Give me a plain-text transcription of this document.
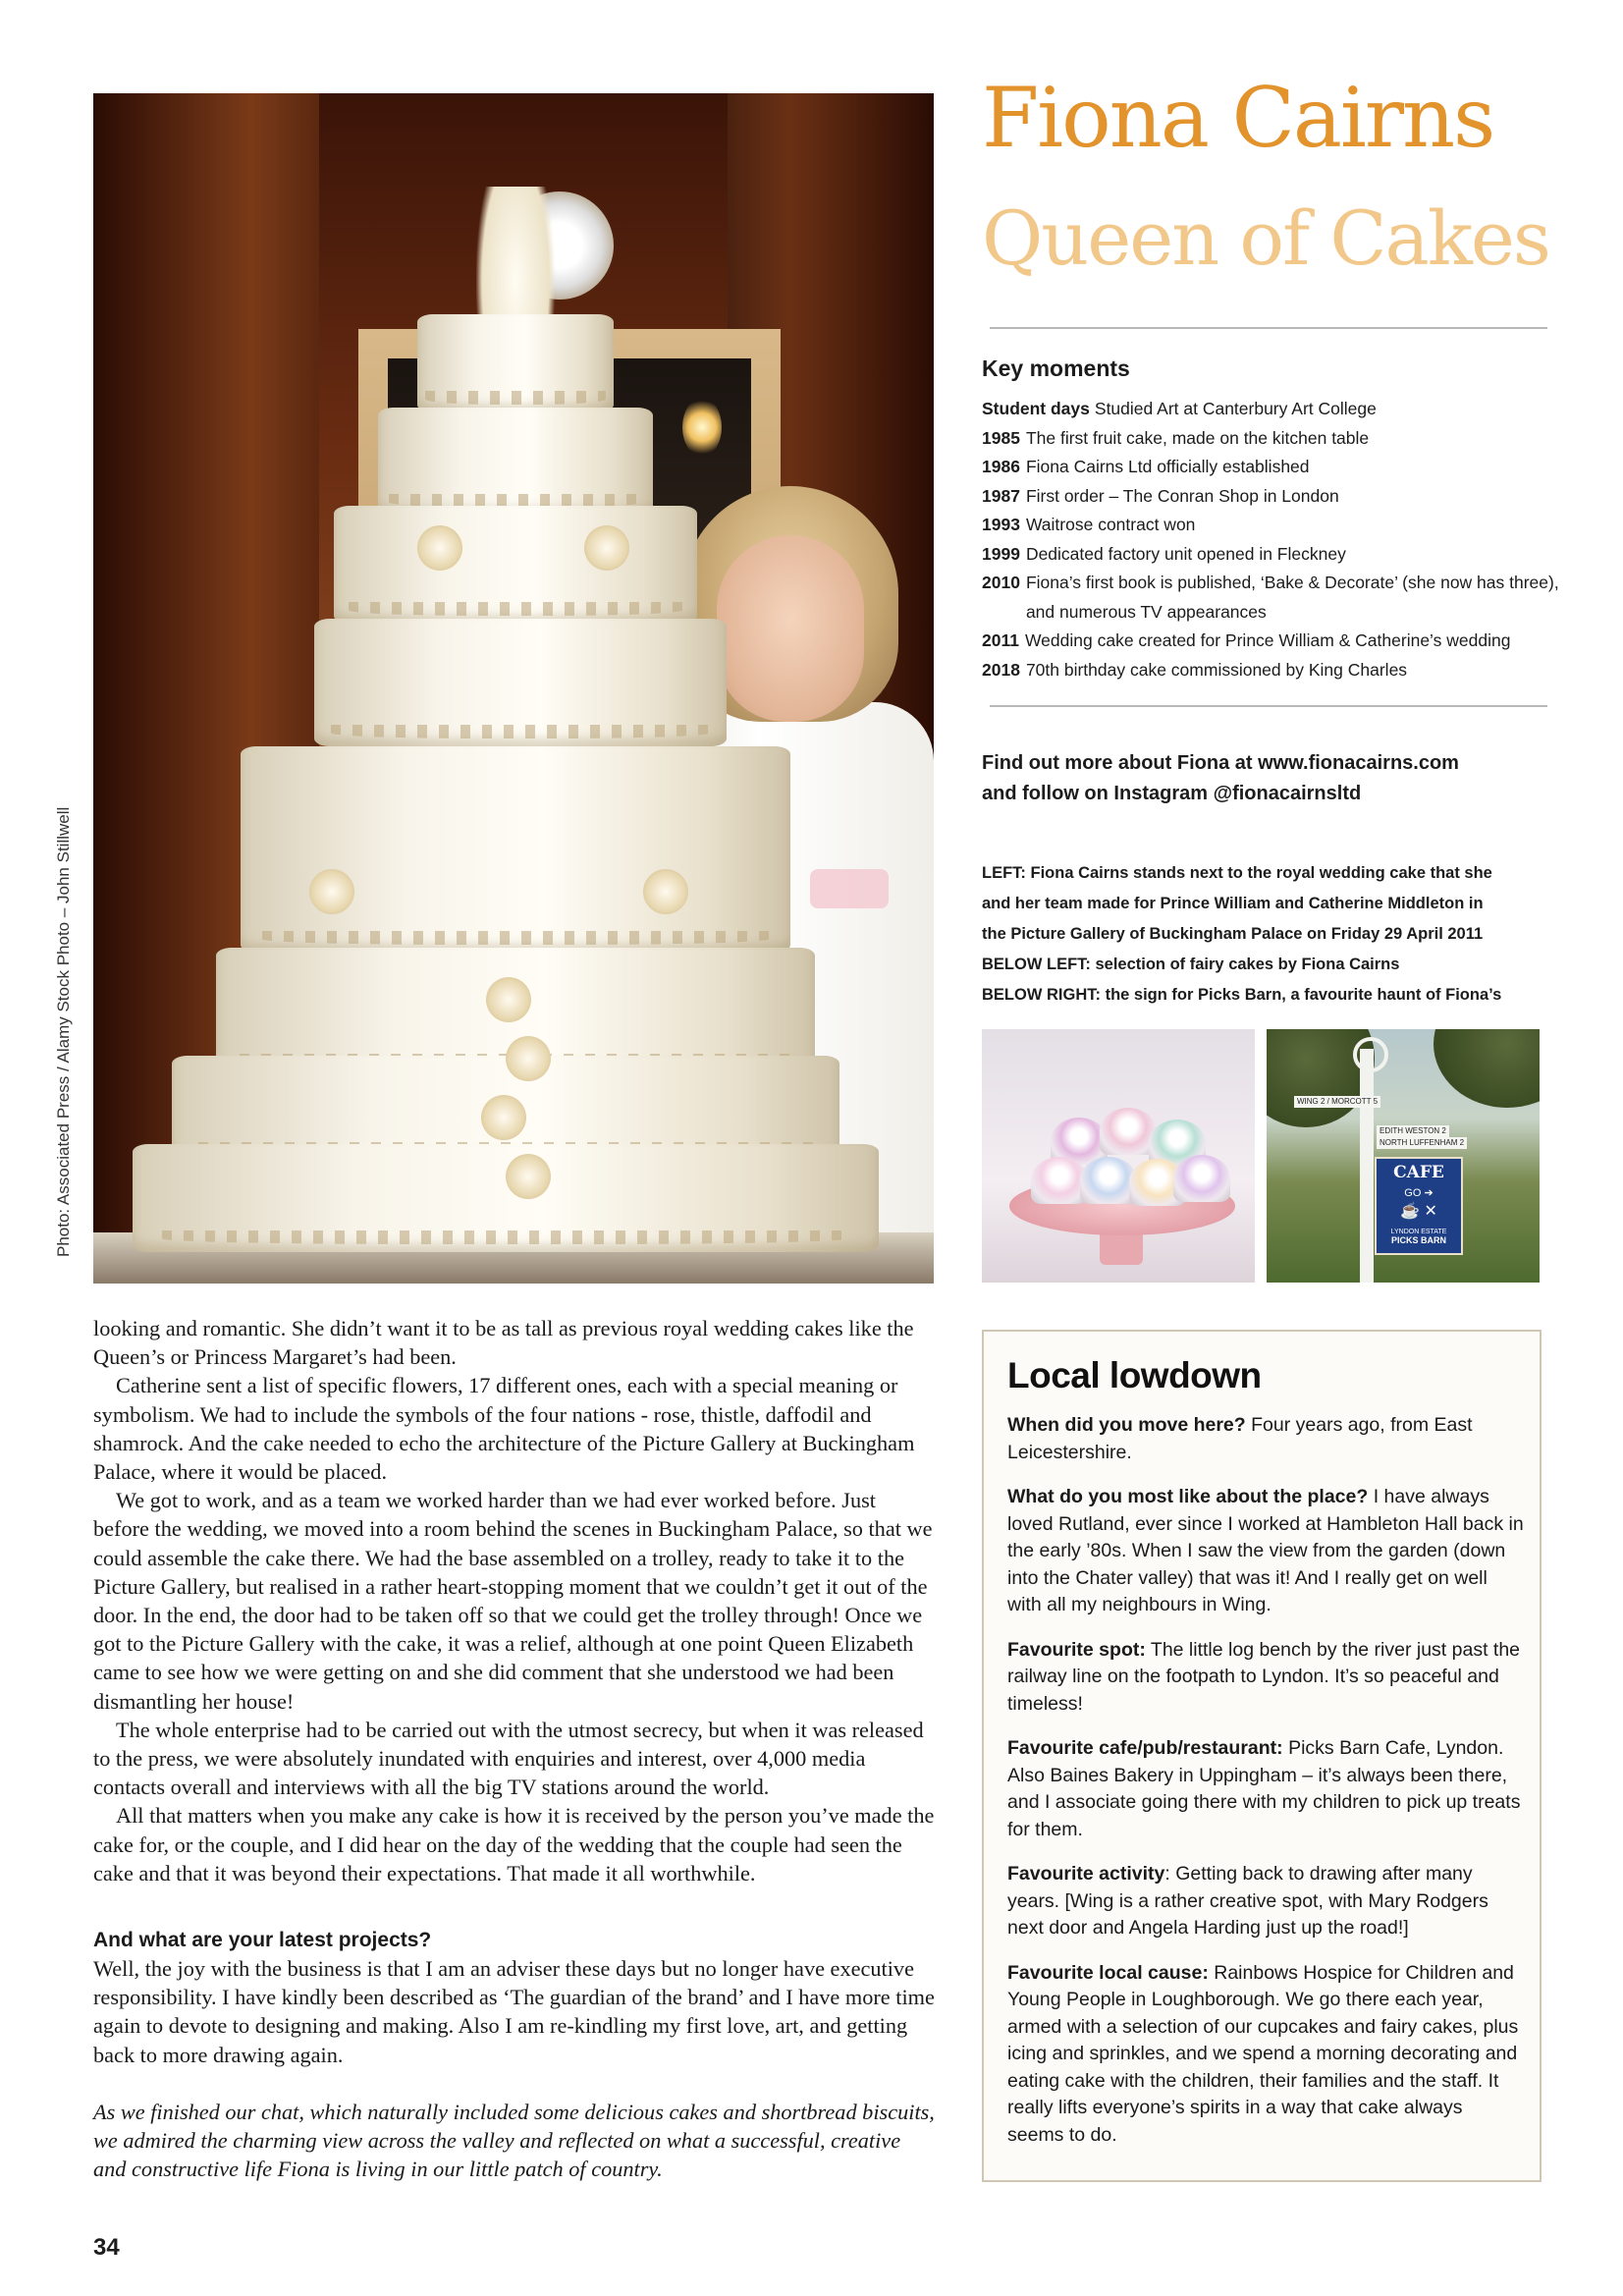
Photo: Associated Press / Alamy Stock Photo – John Stillwell
Fiona Cairns
Queen of Cakes
Key moments
Student days Studied Art at Canterbury Art College
1985 The first fruit cake, made on the kitchen table
1986 Fiona Cairns Ltd officially established
1987 First order – The Conran Shop in London
1993 Waitrose contract won
1999 Dedicated factory unit opened in Fleckney
2010 Fiona’s first book is published, ‘Bake & Decorate’ (she now has three), and numerous TV appearances
2011 Wedding cake created for Prince William & Catherine’s wedding
2018 70th birthday cake commissioned by King Charles
Find out more about Fiona at www.fionacairns.com
and follow on Instagram @fionacairnsltd
LEFT: Fiona Cairns stands next to the royal wedding cake that she
and her team made for Prince William and Catherine Middleton in
the Picture Gallery of Buckingham Palace on Friday 29 April 2011
BELOW LEFT: selection of fairy cakes by Fiona Cairns
BELOW RIGHT: the sign for Picks Barn, a favourite haunt of Fiona’s
WING 2 / MORCOTT 5
EDITH WESTON 2
NORTH LUFFENHAM 2
CAFE
GO ➔
☕ ✕
LYNDON ESTATE
PICKS BARN

looking and romantic. She didn’t want it to be as tall as previous royal wedding cakes like the Queen’s or Princess Margaret’s had been.

Catherine sent a list of specific flowers, 17 different ones, each with a special meaning or symbolism. We had to include the symbols of the four nations - rose, thistle, daffodil and shamrock. And the cake needed to echo the architecture of the Picture Gallery at Buckingham Palace, where it would be placed.

We got to work, and as a team we worked harder than we had ever worked before. Just before the wedding, we moved into a room behind the scenes in Buckingham Palace, so that we could assemble the cake there. We had the base assembled on a trolley, ready to take it to the Picture Gallery, but realised in a rather heart-stopping moment that we couldn’t get it out of the door. In the end, the door had to be taken off so that we could get the trolley through! Once we got to the Picture Gallery with the cake, it was a relief, although at one point Queen Elizabeth came to see how we were getting on and she did comment that she understood we had been dismantling her house!

The whole enterprise had to be carried out with the utmost secrecy, but when it was released to the press, we were absolutely inundated with enquiries and interest, over 4,000 media contacts overall and interviews with all the big TV stations around the world.

All that matters when you make any cake is how it is received by the person you’ve made the cake for, or the couple, and I did hear on the day of the wedding that the couple had seen the cake and that it was beyond their expectations. That made it all worthwhile.

And what are your latest projects?

Well, the joy with the business is that I am an adviser these days but no longer have executive responsibility. I have kindly been described as ‘The guardian of the brand’ and I have more time again to devote to designing and making. Also I am re-kindling my first love, art, and getting back to more drawing again.

As we finished our chat, which naturally included some delicious cakes and shortbread biscuits, we admired the charming view across the valley and reflected on what a successful, creative and constructive life Fiona is living in our little patch of country.

Local lowdown

When did you move here? Four years ago, from East Leicestershire.

What do you most like about the place? I have always loved Rutland, ever since I worked at Hambleton Hall back in the early ’80s. When I saw the view from the garden (down into the Chater valley) that was it! And I really get on well with all my neighbours in Wing.

Favourite spot: The little log bench by the river just past the railway line on the footpath to Lyndon. It’s so peaceful and timeless!

Favourite cafe/pub/restaurant: Picks Barn Cafe, Lyndon. Also Baines Bakery in Uppingham – it’s always been there, and I associate going there with my children to pick up treats for them.

Favourite activity: Getting back to drawing after many years. [Wing is a rather creative spot, with Mary Rodgers next door and Angela Harding just up the road!]

Favourite local cause: Rainbows Hospice for Children and Young People in Loughborough. We go there each year, armed with a selection of our cupcakes and fairy cakes, plus icing and sprinkles, and we spend a morning decorating and eating cake with the children, their families and the staff. It really lifts everyone’s spirits in a way that cake always seems to do.

34
